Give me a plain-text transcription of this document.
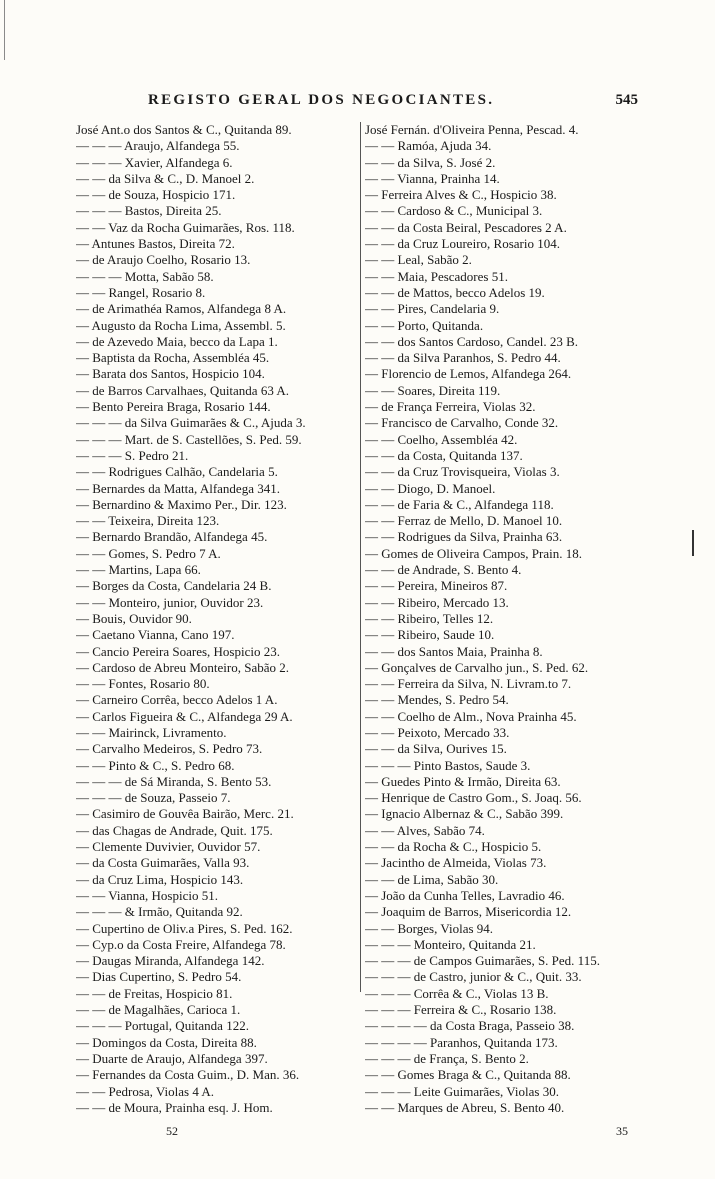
REGISTO GERAL DOS NEGOCIANTES.	545
José Ant.o dos Santos & C., Quitanda 89.
— — — Araujo, Alfandega 55.
— — — Xavier, Alfandega 6.
— — da Silva & C., D. Manoel 2.
— — de Souza, Hospicio 171.
— — — Bastos, Direita 25.
— — Vaz da Rocha Guimarães, Ros. 118.
— Antunes Bastos, Direita 72.
— de Araujo Coelho, Rosario 13.
— — — Motta, Sabão 58.
— — Rangel, Rosario 8.
— de Arimathéa Ramos, Alfandega 8 A.
— Augusto da Rocha Lima, Assembl. 5.
— de Azevedo Maia, becco da Lapa 1.
— Baptista da Rocha, Assembléa 45.
— Barata dos Santos, Hospicio 104.
— de Barros Carvalhaes, Quitanda 63 A.
— Bento Pereira Braga, Rosario 144.
— — — da Silva Guimarães & C., Ajuda 3.
— — — Mart. de S. Castellões, S. Ped. 59.
— — — S. Pedro 21.
— — Rodrigues Calhão, Candelaria 5.
— Bernardes da Matta, Alfandega 341.
— Bernardino & Maximo Per., Dir. 123.
— — Teixeira, Direita 123.
— Bernardo Brandão, Alfandega 45.
— — Gomes, S. Pedro 7 A.
— — Martins, Lapa 66.
— Borges da Costa, Candelaria 24 B.
— — Monteiro, junior, Ouvidor 23.
— Bouis, Ouvidor 90.
— Caetano Vianna, Cano 197.
— Cancio Pereira Soares, Hospicio 23.
— Cardoso de Abreu Monteiro, Sabão 2.
— — Fontes, Rosario 80.
— Carneiro Corrêa, becco Adelos 1 A.
— Carlos Figueira & C., Alfandega 29 A.
— — Mairinck, Livramento.
— Carvalho Medeiros, S. Pedro 73.
— — Pinto & C., S. Pedro 68.
— — — de Sá Miranda, S. Bento 53.
— — — de Souza, Passeio 7.
— Casimiro de Gouvêa Bairão, Merc. 21.
— das Chagas de Andrade, Quit. 175.
— Clemente Duvivier, Ouvidor 57.
— da Costa Guimarães, Valla 93.
— da Cruz Lima, Hospicio 143.
— — Vianna, Hospicio 51.
— — — & Irmão, Quitanda 92.
— Cupertino de Oliv.a Pires, S. Ped. 162.
— Cyp.o da Costa Freire, Alfandega 78.
— Daugas Miranda, Alfandega 142.
— Dias Cupertino, S. Pedro 54.
— — de Freitas, Hospicio 81.
— — de Magalhães, Carioca 1.
— — — Portugal, Quitanda 122.
— Domingos da Costa, Direita 88.
— Duarte de Araujo, Alfandega 397.
— Fernandes da Costa Guim., D. Man. 36.
— — Pedrosa, Violas 4 A.
— — de Moura, Prainha esq. J. Hom.
José Fernán. d'Oliveira Penna, Pescad. 4.
— — Ramóa, Ajuda 34.
— — da Silva, S. José 2.
— — Vianna, Prainha 14.
— Ferreira Alves & C., Hospicio 38.
— — Cardoso & C., Municipal 3.
— — da Costa Beiral, Pescadores 2 A.
— — da Cruz Loureiro, Rosario 104.
— — Leal, Sabão 2.
— — Maia, Pescadores 51.
— — de Mattos, becco Adelos 19.
— — Pires, Candelaria 9.
— — Porto, Quitanda.
— — dos Santos Cardoso, Candel. 23 B.
— — da Silva Paranhos, S. Pedro 44.
— Florencio de Lemos, Alfandega 264.
— — Soares, Direita 119.
— de França Ferreira, Violas 32.
— Francisco de Carvalho, Conde 32.
— — Coelho, Assembléa 42.
— — da Costa, Quitanda 137.
— — da Cruz Trovisqueira, Violas 3.
— — Diogo, D. Manoel.
— — de Faria & C., Alfandega 118.
— — Ferraz de Mello, D. Manoel 10.
— — Rodrigues da Silva, Prainha 63.
— Gomes de Oliveira Campos, Prain. 18.
— — de Andrade, S. Bento 4.
— — Pereira, Mineiros 87.
— — Ribeiro, Mercado 13.
— — Ribeiro, Telles 12.
— — Ribeiro, Saude 10.
— — dos Santos Maia, Prainha 8.
— Gonçalves de Carvalho jun., S. Ped. 62.
— — Ferreira da Silva, N. Livram.to 7.
— — Mendes, S. Pedro 54.
— — Coelho de Alm., Nova Prainha 45.
— — Peixoto, Mercado 33.
— — da Silva, Ourives 15.
— — — Pinto Bastos, Saude 3.
— Guedes Pinto & Irmão, Direita 63.
— Henrique de Castro Gom., S. Joaq. 56.
— Ignacio Albernaz & C., Sabão 399.
— — Alves, Sabão 74.
— — da Rocha & C., Hospicio 5.
— Jacintho de Almeida, Violas 73.
— — de Lima, Sabão 30.
— João da Cunha Telles, Lavradio 46.
— Joaquim de Barros, Misericordia 12.
— — Borges, Violas 94.
— — — Monteiro, Quitanda 21.
— — — de Campos Guimarães, S. Ped. 115.
— — — de Castro, junior & C., Quit. 33.
— — — Corrêa & C., Violas 13 B.
— — — Ferreira & C., Rosario 138.
— — — — da Costa Braga, Passeio 38.
— — — — Paranhos, Quitanda 173.
— — — de França, S. Bento 2.
— — Gomes Braga & C., Quitanda 88.
— — — Leite Guimarães, Violas 30.
— — Marques de Abreu, S. Bento 40.
52	35
